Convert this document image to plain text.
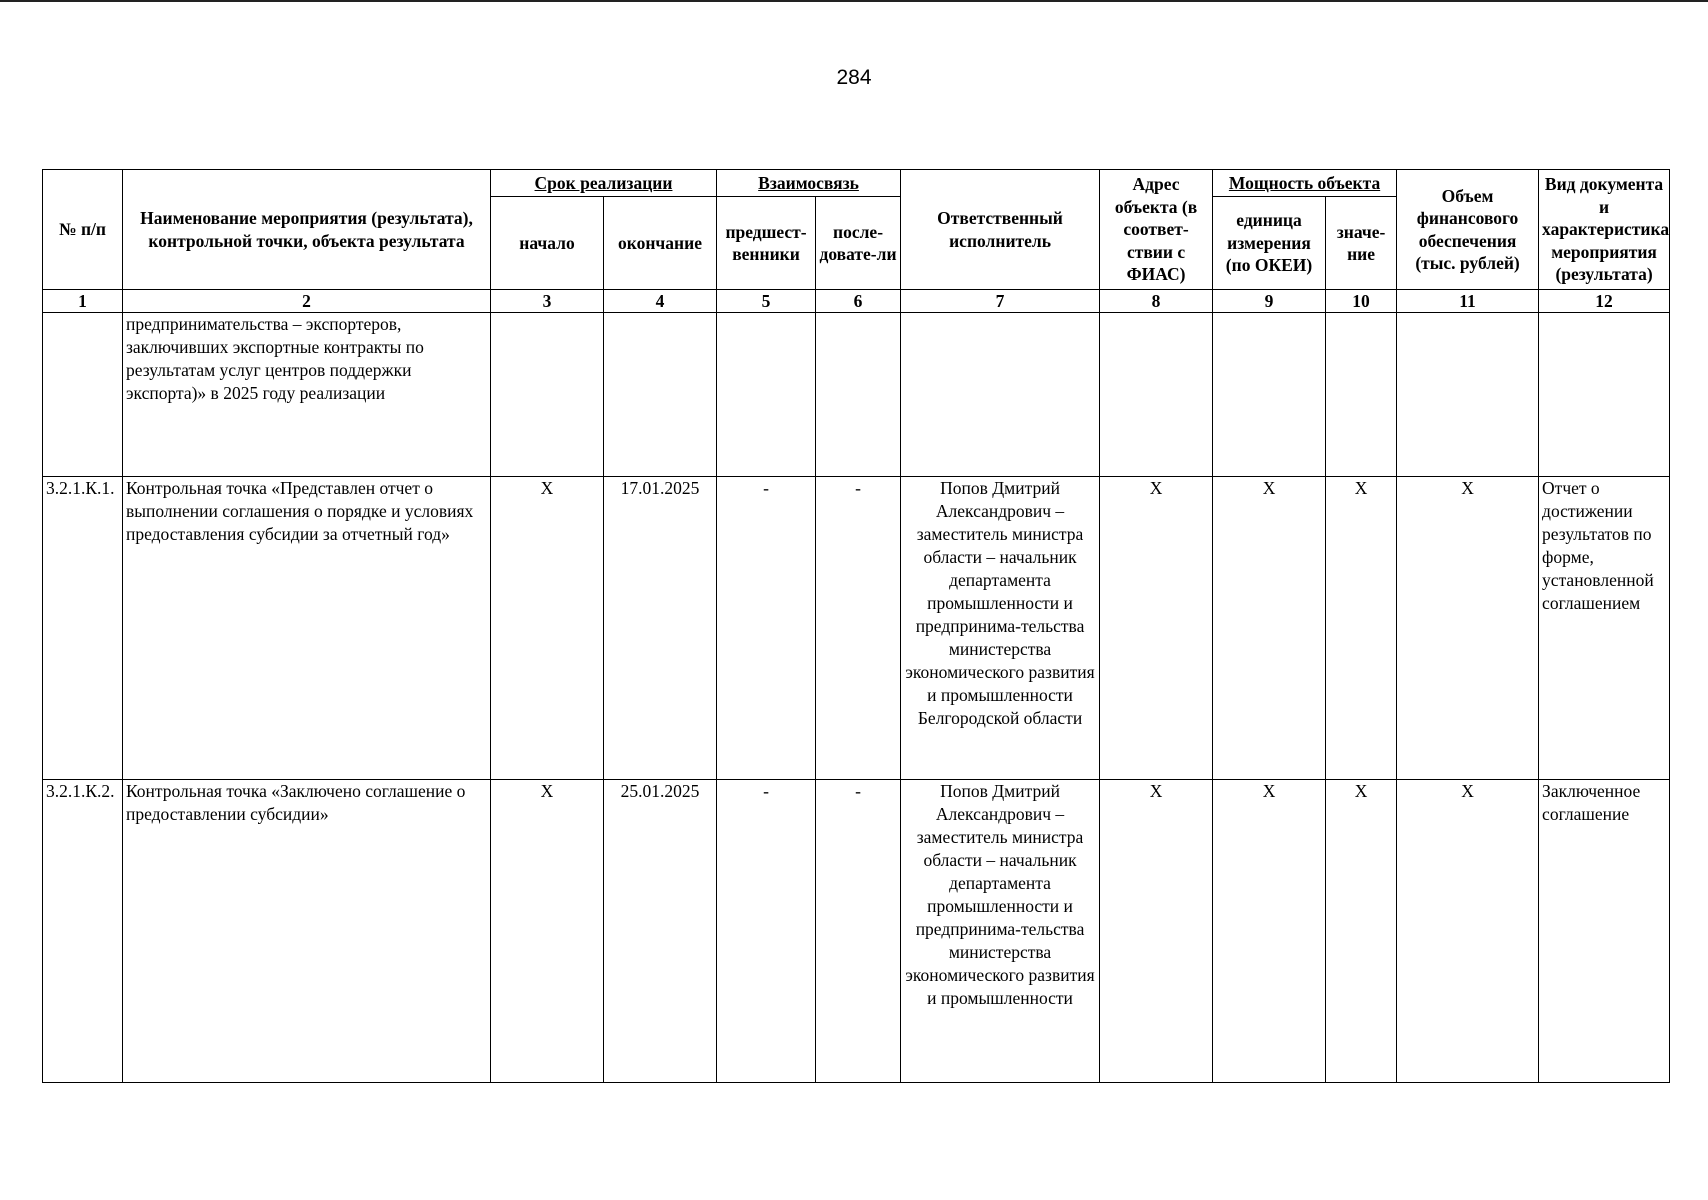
284
№ п/п	Наименование мероприятия (результата), контрольной точки, объекта результата	Срок реализации		Взаимосвязь		Ответственный исполнитель	Адрес объекта (в соответ-ствии с ФИАС)	Мощность объекта		Объем финансового обеспечения (тыс. рублей)	Вид документа и характеристика мероприятия (результата)
		начало	окончание	предшест-венники	после-довате-ли			единица измерения (по ОКЕИ)	значе-ние		
1	2	3	4	5	6	7	8	9	10	11	12
	предпринимательства – экспортеров, заключивших экспортные контракты по результатам услуг центров поддержки экспорта)» в 2025 году реализации										
3.2.1.К.1.	Контрольная точка «Представлен отчет о выполнении соглашения о порядке и условиях предоставления субсидии за отчетный год»	X	17.01.2025	-	-	Попов Дмитрий Александрович – заместитель министра области – начальник департамента промышленности и предпринима-тельства министерства экономического развития и промышленности Белгородской области	X	X	X	X	Отчет о достижении результатов по форме, установленной соглашением
3.2.1.К.2.	Контрольная точка «Заключено соглашение о предоставлении субсидии»	X	25.01.2025	-	-	Попов Дмитрий Александрович – заместитель министра области – начальник департамента промышленности и предпринима-тельства министерства экономического развития и промышленности	X	X	X	X	Заключенное соглашение
